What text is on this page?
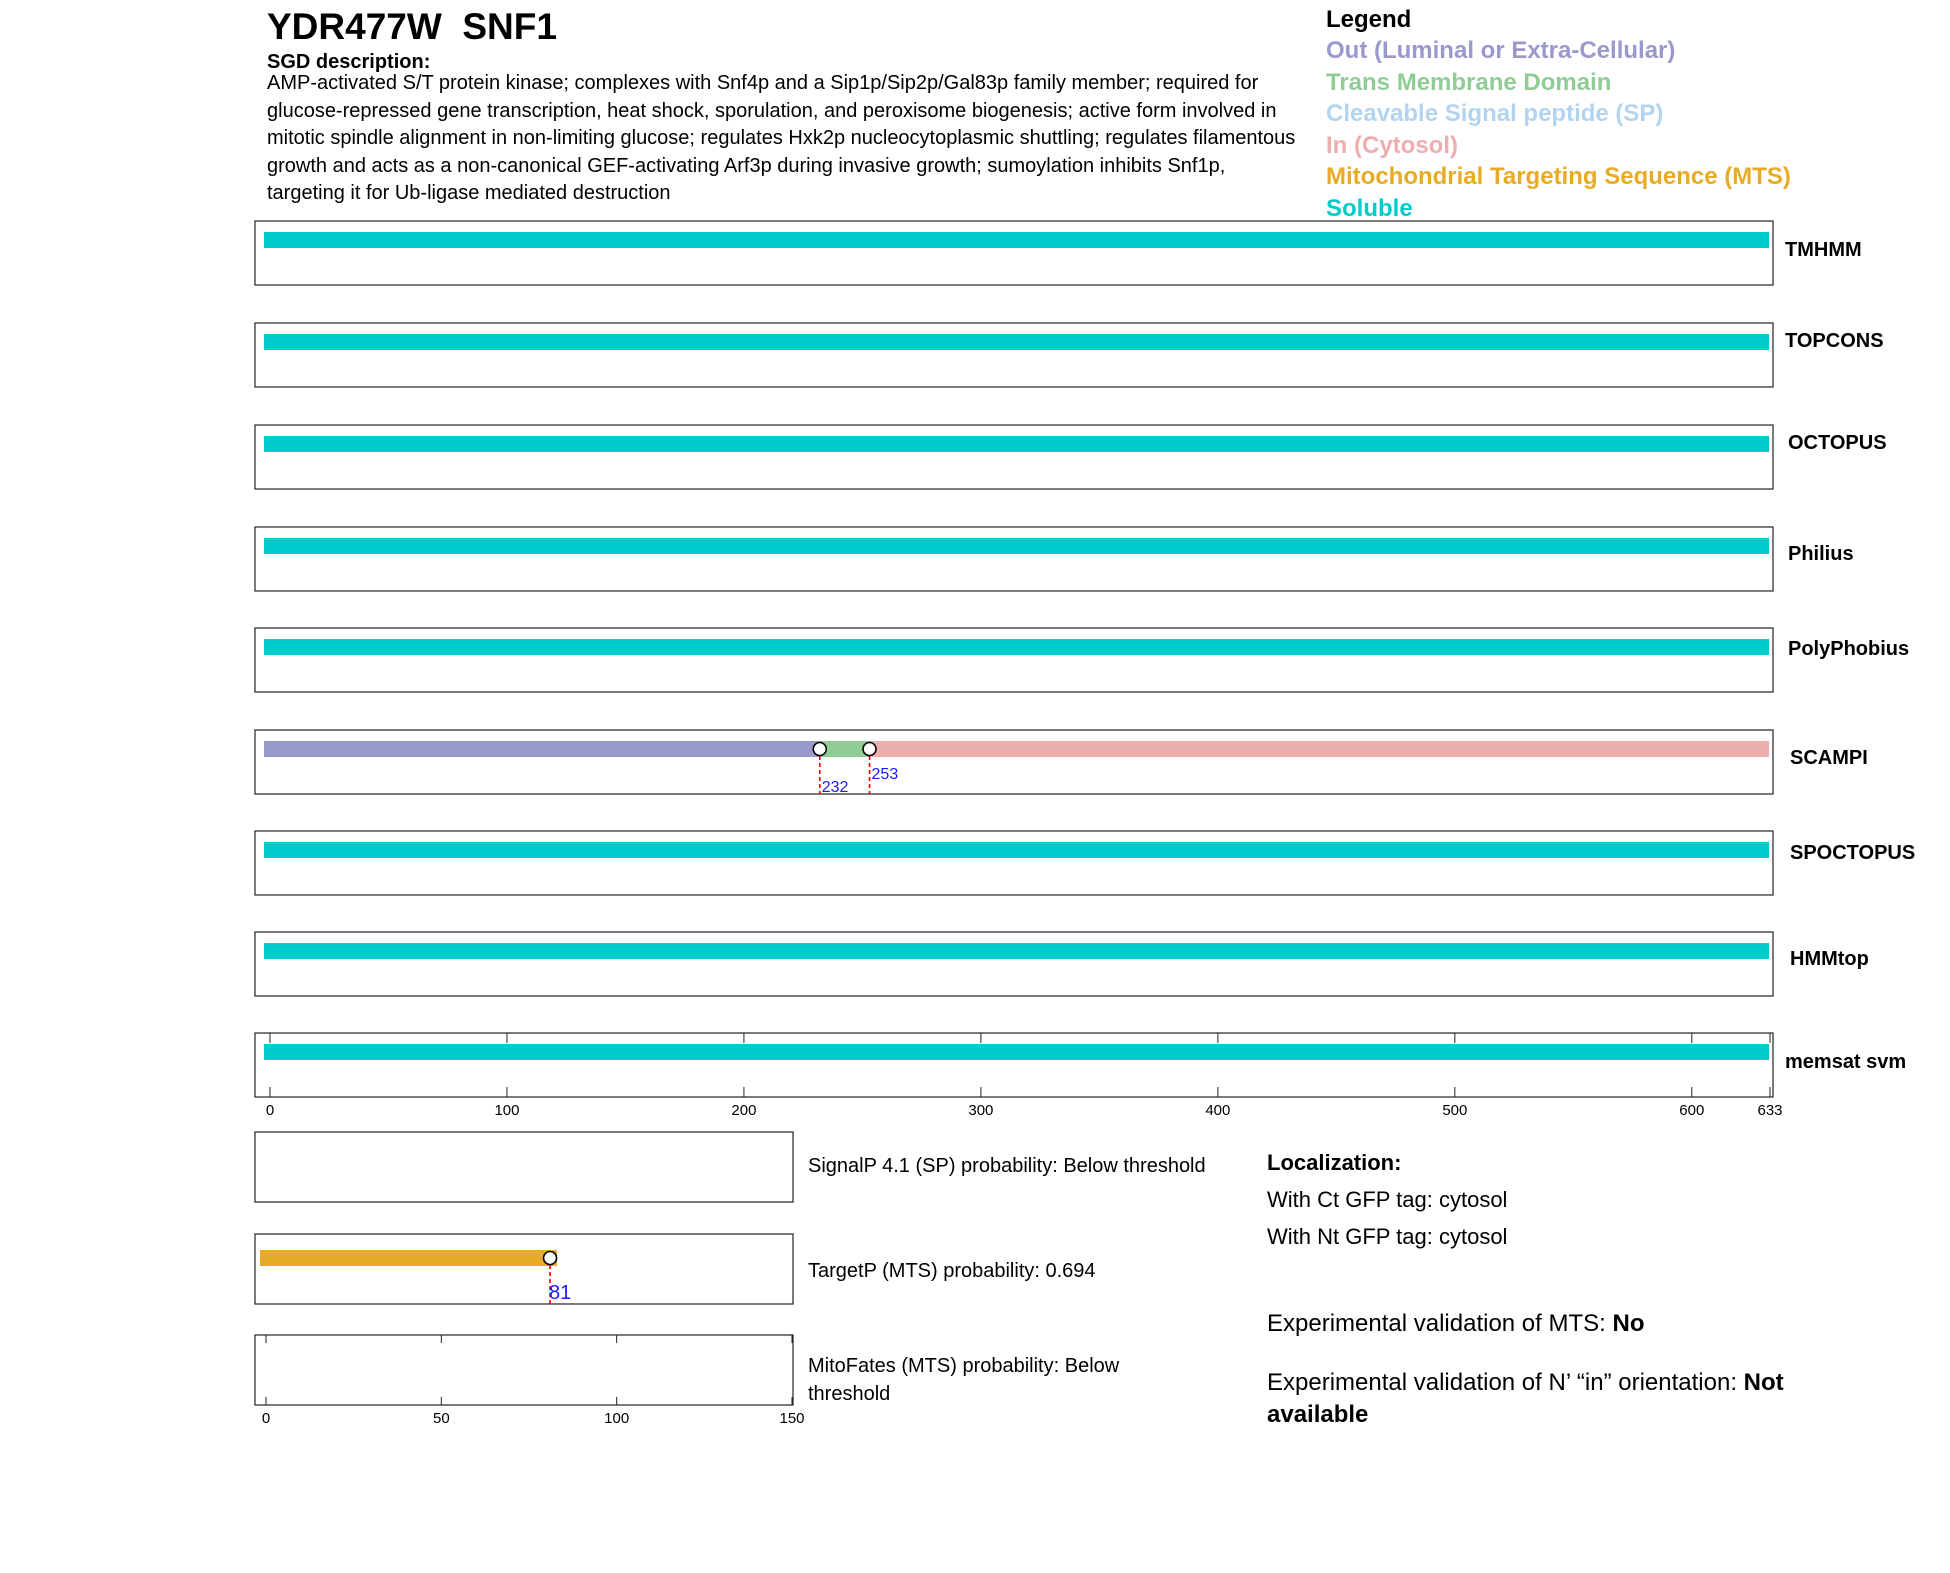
YDR477W  SNF1
SGD description:
AMP-activated S/T protein kinase; complexes with Snf4p and a Sip1p/Sip2p/Gal83p family member; required for glucose-repressed gene transcription, heat shock, sporulation, and peroxisome biogenesis; active form involved in mitotic spindle alignment in non-limiting glucose; regulates Hxk2p nucleocytoplasmic shuttling; regulates filamentous growth and acts as a non-canonical GEF-activating Arf3p during invasive growth; sumoylation inhibits Snf1p, targeting it for Ub-ligase mediated destruction
Legend
Out (Luminal or Extra-Cellular)
Trans Membrane Domain
Cleavable Signal peptide (SP)
In (Cytosol)
Mitochondrial Targeting Sequence (MTS)
Soluble
TMHMM
TOPCONS
OCTOPUS
Philius
PolyPhobius
232
253
SCAMPI
SPOCTOPUS
HMMtop
memsat svm
0	100	200	300	400	500	600	633
81
0	50	100	150
SignalP 4.1 (SP) probability: Below threshold
TargetP (MTS) probability: 0.694
MitoFates (MTS) probability: Below threshold
Localization:
With Ct GFP tag: cytosol
With Nt GFP tag: cytosol
Experimental validation of MTS: No
Experimental validation of N’ “in” orientation: Not available
